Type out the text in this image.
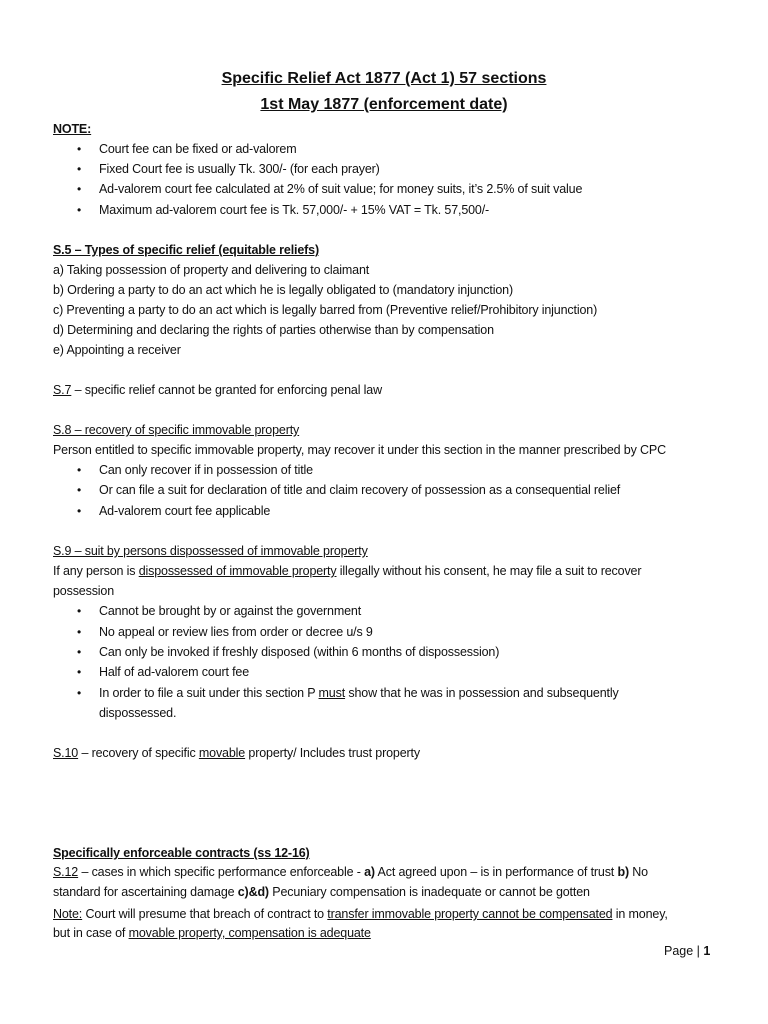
Specific Relief Act 1877 (Act 1) 57 sections
1st May 1877 (enforcement date)
NOTE:
• Court fee can be fixed or ad-valorem
• Fixed Court fee is usually Tk. 300/- (for each prayer)
• Ad-valorem court fee calculated at 2% of suit value; for money suits, it’s 2.5% of suit value
• Maximum ad-valorem court fee is Tk. 57,000/- + 15% VAT = Tk. 57,500/-
S.5 – Types of specific relief (equitable reliefs)
a) Taking possession of property and delivering to claimant
b) Ordering a party to do an act which he is legally obligated to (mandatory injunction)
c) Preventing a party to do an act which is legally barred from (Preventive relief/Prohibitory injunction)
d) Determining and declaring the rights of parties otherwise than by compensation
e) Appointing a receiver
S.7 – specific relief cannot be granted for enforcing penal law
S.8 – recovery of specific immovable property
Person entitled to specific immovable property, may recover it under this section in the manner prescribed by CPC
• Can only recover if in possession of title
• Or can file a suit for declaration of title and claim recovery of possession as a consequential relief
• Ad-valorem court fee applicable
S.9 – suit by persons dispossessed of immovable property
If any person is dispossessed of immovable property illegally without his consent, he may file a suit to recover
possession
• Cannot be brought by or against the government
• No appeal or review lies from order or decree u/s 9
• Can only be invoked if freshly disposed (within 6 months of dispossession)
• Half of ad-valorem court fee
• In order to file a suit under this section P must show that he was in possession and subsequently
dispossessed.
S.10 – recovery of specific movable property/ Includes trust property
Specifically enforceable contracts (ss 12-16)
S.12 – cases in which specific performance enforceable - a) Act agreed upon – is in performance of trust b) No
standard for ascertaining damage c)&d) Pecuniary compensation is inadequate or cannot be gotten
Note: Court will presume that breach of contract to transfer immovable property cannot be compensated in money,
but in case of movable property, compensation is adequate
Page | 1
